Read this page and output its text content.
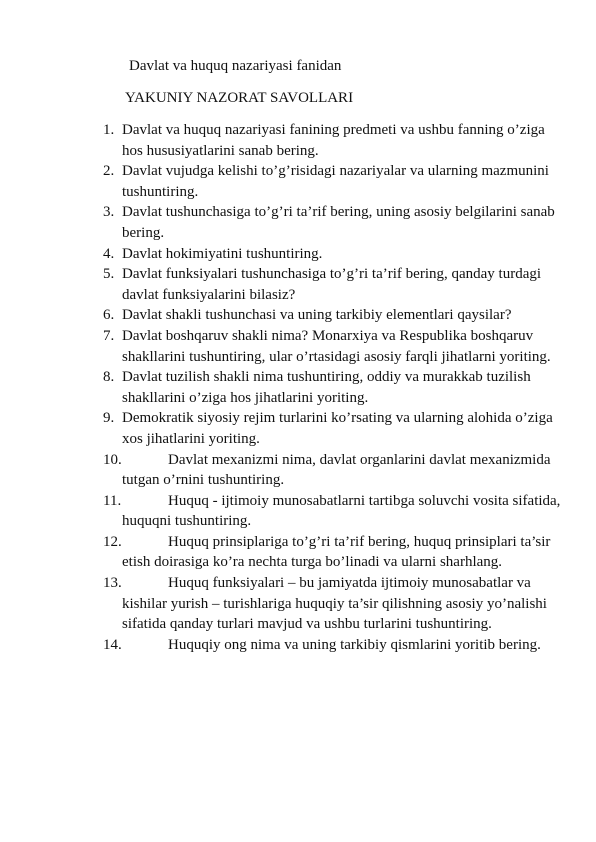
Davlat va huquq nazariyasi fanidan
YAKUNIY NAZORAT SAVOLLARI
1. Davlat va huquq nazariyasi fanining predmeti va ushbu fanning o’ziga hos hususiyatlarini sanab bering.
2. Davlat vujudga kelishi to’g’risidagi nazariyalar va ularning mazmunini tushuntiring.
3. Davlat tushunchasiga to’g’ri ta’rif bering, uning asosiy belgilarini sanab bering.
4. Davlat hokimiyatini tushuntiring.
5. Davlat funksiyalari tushunchasiga to’g’ri ta’rif bering, qanday turdagi davlat funksiyalarini bilasiz?
6. Davlat shakli tushunchasi va uning tarkibiy elementlari qaysilar?
7. Davlat boshqaruv shakli nima? Monarxiya va Respublika boshqaruv shakllarini tushuntiring, ular o’rtasidagi asosiy farqli jihatlarni yoriting.
8. Davlat tuzilish shakli nima tushuntiring, oddiy va murakkab tuzilish shakllarini o’ziga hos jihatlarini yoriting.
9. Demokratik siyosiy rejim turlarini ko’rsating va ularning alohida o’ziga xos jihatlarini yoriting.
10.	Davlat mexanizmi nima, davlat organlarini davlat mexanizmida tutgan o’rnini tushuntiring.
11.	Huquq - ijtimoiy munosabatlarni tartibga soluvchi vosita sifatida, huquqni tushuntiring.
12.	Huquq prinsiplariga to’g’ri ta’rif bering, huquq prinsiplari ta’sir etish doirasiga ko’ra nechta turga bo’linadi va ularni sharhlang.
13.	Huquq funksiyalari – bu jamiyatda ijtimoiy munosabatlar va kishilar yurish – turishlariga huquqiy ta’sir qilishning asosiy yo’nalishi sifatida qanday turlari mavjud va ushbu turlarini tushuntiring.
14.	Huquqiy ong nima va uning tarkibiy qismlarini yoritib bering.
